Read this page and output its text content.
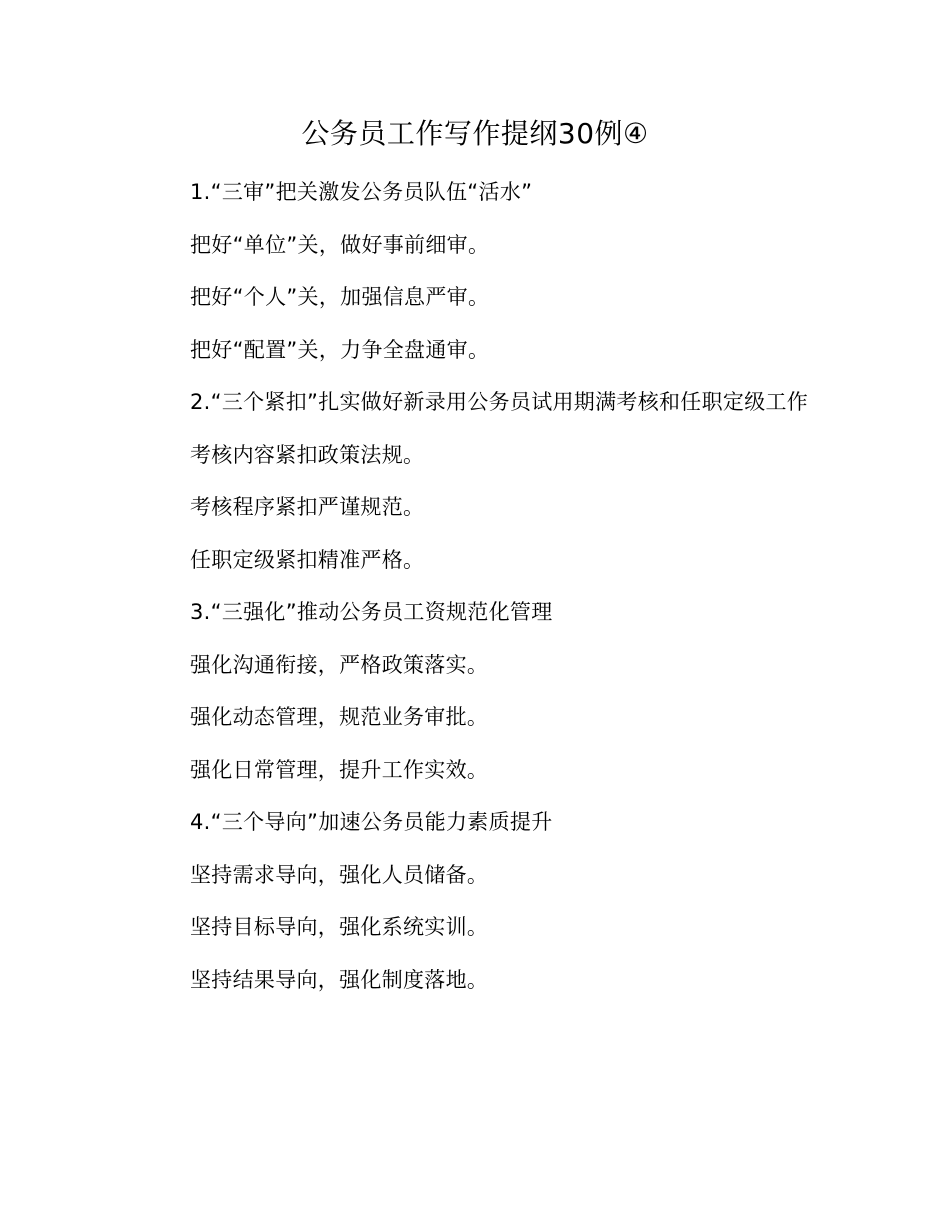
公务员工作写作提纲30例④

1.“三审”把关激发公务员队伍“活水”

把好“单位”关，做好事前细审。

把好“个人”关，加强信息严审。

把好“配置”关，力争全盘通审。

2.“三个紧扣”扎实做好新录用公务员试用期满考核和任职定级工作

考核内容紧扣政策法规。

考核程序紧扣严谨规范。

任职定级紧扣精准严格。

3.“三强化”推动公务员工资规范化管理

强化沟通衔接，严格政策落实。

强化动态管理，规范业务审批。

强化日常管理，提升工作实效。

4.“三个导向”加速公务员能力素质提升

坚持需求导向，强化人员储备。

坚持目标导向，强化系统实训。

坚持结果导向，强化制度落地。
